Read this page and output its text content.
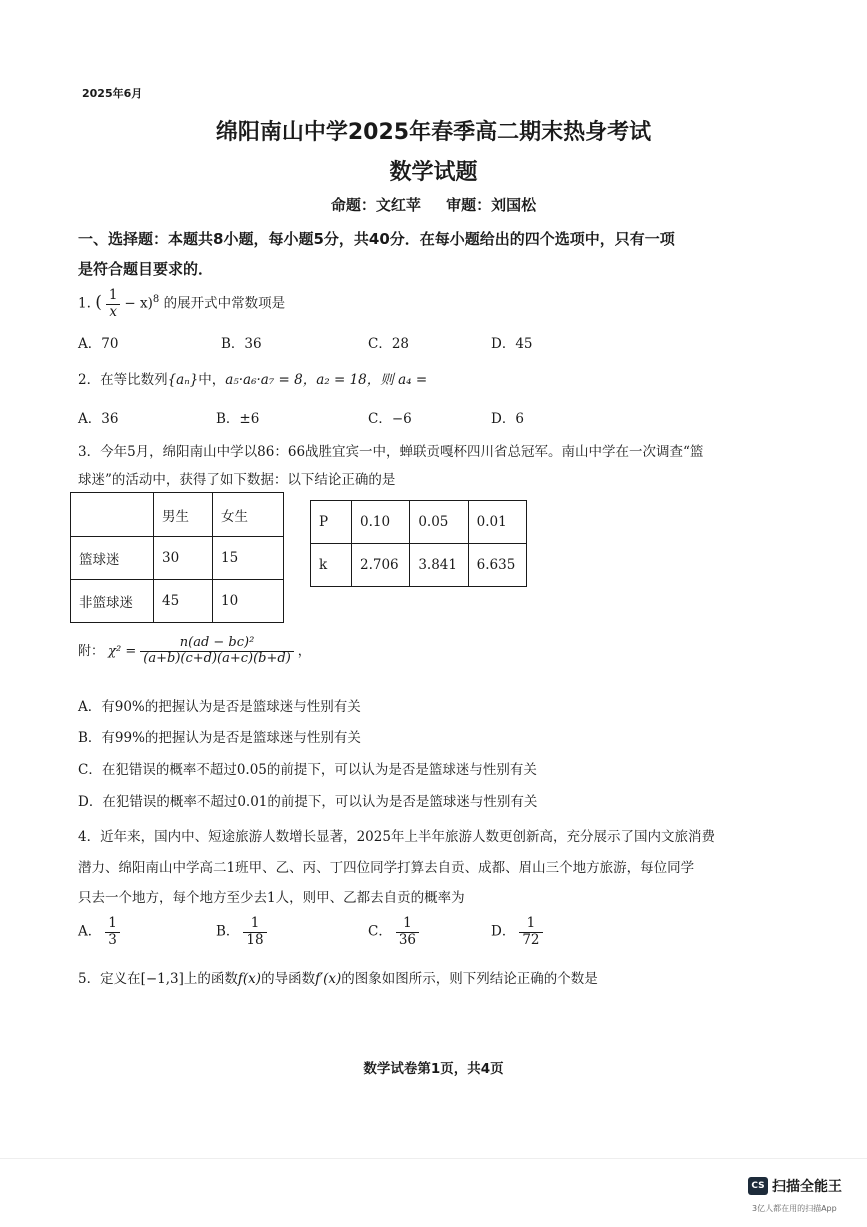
2025年6月
绵阳南山中学2025年春季高二期末热身考试
数学试题
命题：文红苹 审题：刘国松
一、选择题：本题共8小题，每小题5分，共40分．在每小题给出的四个选项中，只有一项
是符合题目要求的．
1. ( $\frac{1}{x} - x)^8$ 的展开式中常数项是
A．70	B．36	C．28	D．45
2．在等比数列{aₙ}中，a₅·a₆·a₇ = 8，a₂ = 18，则 a₄ =
A．36	B．±6	C．−6	D．6
3．今年5月，绵阳南山中学以86：66战胜宜宾一中，蝉联贡嘎杯四川省总冠军。南山中学在一次调查“篮
球迷”的活动中，获得了如下数据：以下结论正确的是
	男生	女生
篮球迷	30	15
非篮球迷	45	10
P	0.10	0.05	0.01
k	2.706	3.841	6.635
附： $\chi^2 = \frac{\text{n(ad − bc)²}}{(a+b)(c+d)(a+c)(b+d)}$ ，
A．有90%的把握认为是否是篮球迷与性别有关
B．有99%的把握认为是否是篮球迷与性别有关
C．在犯错误的概率不超过0.05的前提下，可以认为是否是篮球迷与性别有关
D．在犯错误的概率不超过0.01的前提下，可以认为是否是篮球迷与性别有关
4．近年来，国内中、短途旅游人数增长显著，2025年上半年旅游人数更创新高，充分展示了国内文旅消费
潜力、绵阳南山中学高二1班甲、乙、丙、丁四位同学打算去自贡、成都、眉山三个地方旅游，每位同学
只去一个地方，每个地方至少去1人，则甲、乙都去自贡的概率为
A． $\frac{1}{3}$	B． $\frac{1}{18}$	C． $\frac{1}{36}$	D． $\frac{1}{72}$
5．定义在[−1,3]上的函数f(x)的导函数f′(x)的图象如图所示，则下列结论正确的个数是
数学试卷第1页，共4页
CS 扫描全能王
3亿人都在用的扫描App
